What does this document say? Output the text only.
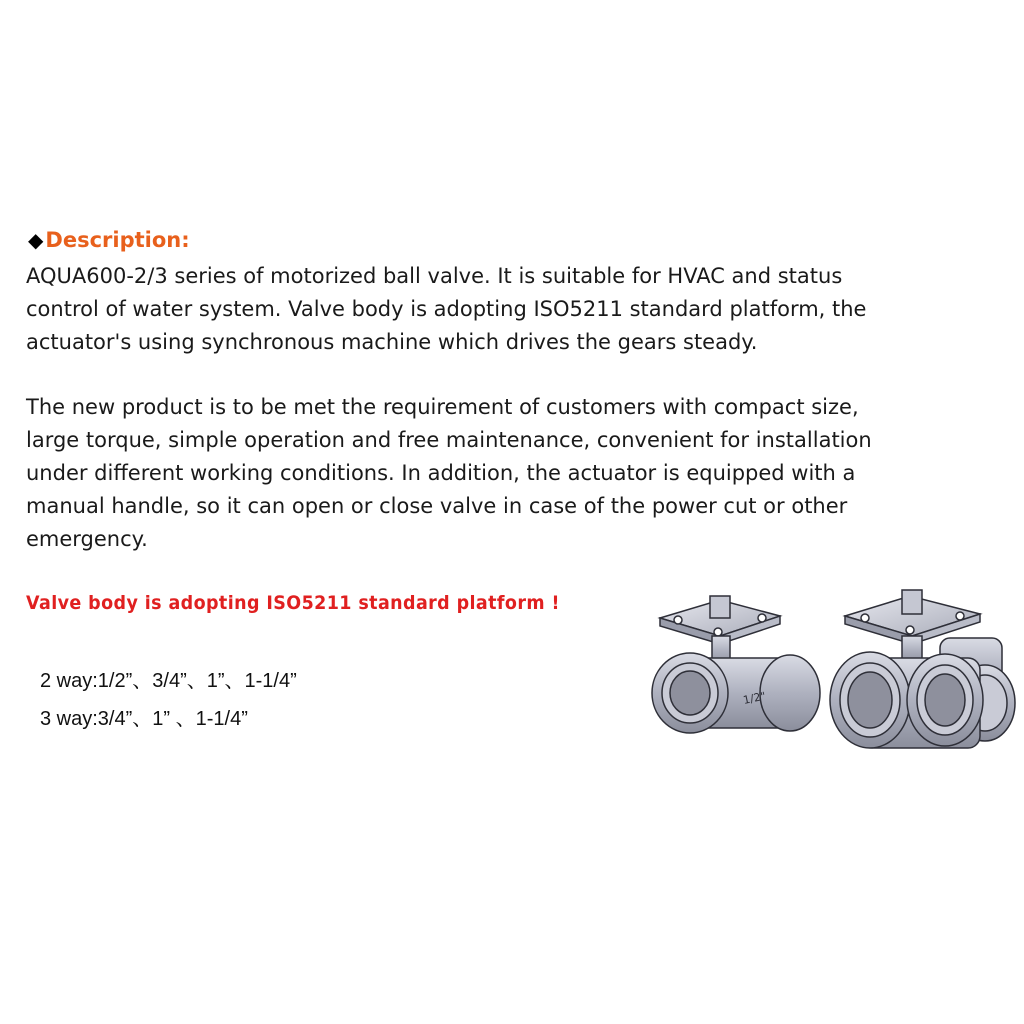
◆ Description:

AQUA600-2/3 series of motorized ball valve. It is suitable for HVAC and status
control of water system. Valve body is adopting ISO5211 standard platform, the
actuator's using synchronous machine which drives the gears steady.

The new product is to be met the requirement of customers with compact size,
large torque, simple operation and free maintenance, convenient for installation
under different working conditions. In addition, the actuator is equipped with a
manual handle, so it can open or close valve in case of the power cut or other
emergency.

Valve body is adopting ISO5211 standard platform !
2 way:1/2”、3/4”、1”、1-1/4”
3 way:3/4”、1” 、1-1/4”
1/2"
